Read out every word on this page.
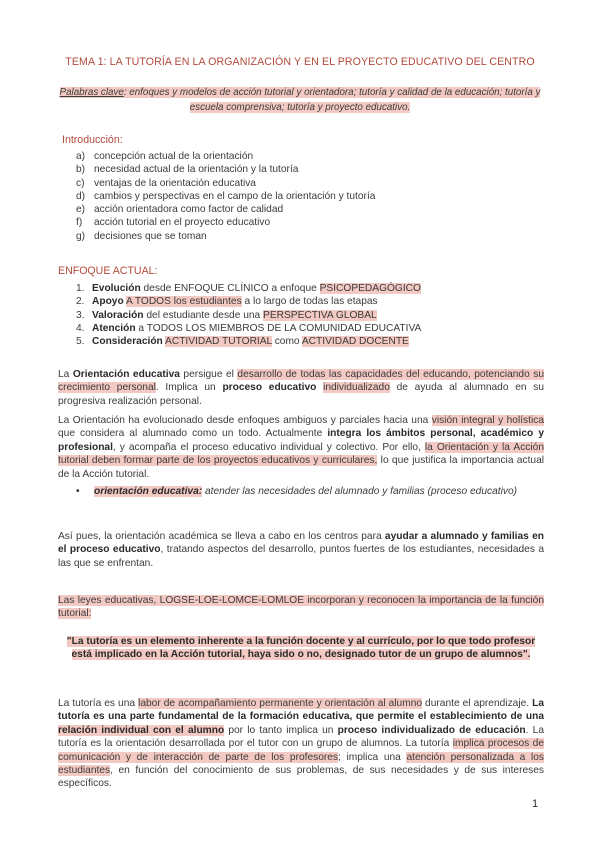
TEMA 1: LA TUTORÍA EN LA ORGANIZACIÓN Y EN EL PROYECTO EDUCATIVO DEL CENTRO
Palabras clave: enfoques y modelos de acción tutorial y orientadora; tutoría y calidad de la educación; tutoría y escuela comprensiva; tutoría y proyecto educativo.
Introducción:
a) concepción actual de la orientación
b) necesidad actual de la orientación y la tutoría
c) ventajas de la orientación educativa
d) cambios y perspectivas en el campo de la orientación y tutoría
e) acción orientadora como factor de calidad
f) acción tutorial en el proyecto educativo
g) decisiones que se toman
ENFOQUE ACTUAL:
1. Evolución desde ENFOQUE CLÍNICO a enfoque PSICOPEDAGÓGICO
2. Apoyo A TODOS los estudiantes a lo largo de todas las etapas
3. Valoración del estudiante desde una PERSPECTIVA GLOBAL
4. Atención a TODOS LOS MIEMBROS DE LA COMUNIDAD EDUCATIVA
5. Consideración ACTIVIDAD TUTORIAL como ACTIVIDAD DOCENTE
La Orientación educativa persigue el desarrollo de todas las capacidades del educando, potenciando su crecimiento personal. Implica un proceso educativo individualizado de ayuda al alumnado en su progresiva realización personal.
La Orientación ha evolucionado desde enfoques ambiguos y parciales hacia una visión integral y holística que considera al alumnado como un todo. Actualmente integra los ámbitos personal, académico y profesional, y acompaña el proceso educativo individual y colectivo. Por ello, la Orientación y la Acción tutorial deben formar parte de los proyectos educativos y curriculares, lo que justifica la importancia actual de la Acción tutorial.
• orientación educativa: atender las necesidades del alumnado y familias (proceso educativo)
Así pues, la orientación académica se lleva a cabo en los centros para ayudar a alumnado y familias en el proceso educativo, tratando aspectos del desarrollo, puntos fuertes de los estudiantes, necesidades a las que se enfrentan.
Las leyes educativas, LOGSE-LOE-LOMCE-LOMLOE incorporan y reconocen la importancia de la función tutorial:
"La tutoría es un elemento inherente a la función docente y al currículo, por lo que todo profesor está implicado en la Acción tutorial, haya sido o no, designado tutor de un grupo de alumnos".
La tutoría es una labor de acompañamiento permanente y orientación al alumno durante el aprendizaje. La tutoría es una parte fundamental de la formación educativa, que permite el establecimiento de una relación individual con el alumno por lo tanto implica un proceso individualizado de educación. La tutoría es la orientación desarrollada por el tutor con un grupo de alumnos. La tutoría implica procesos de comunicación y de interacción de parte de los profesores; implica una atención personalizada a los estudiantes, en función del conocimiento de sus problemas, de sus necesidades y de sus intereses específicos.
1
